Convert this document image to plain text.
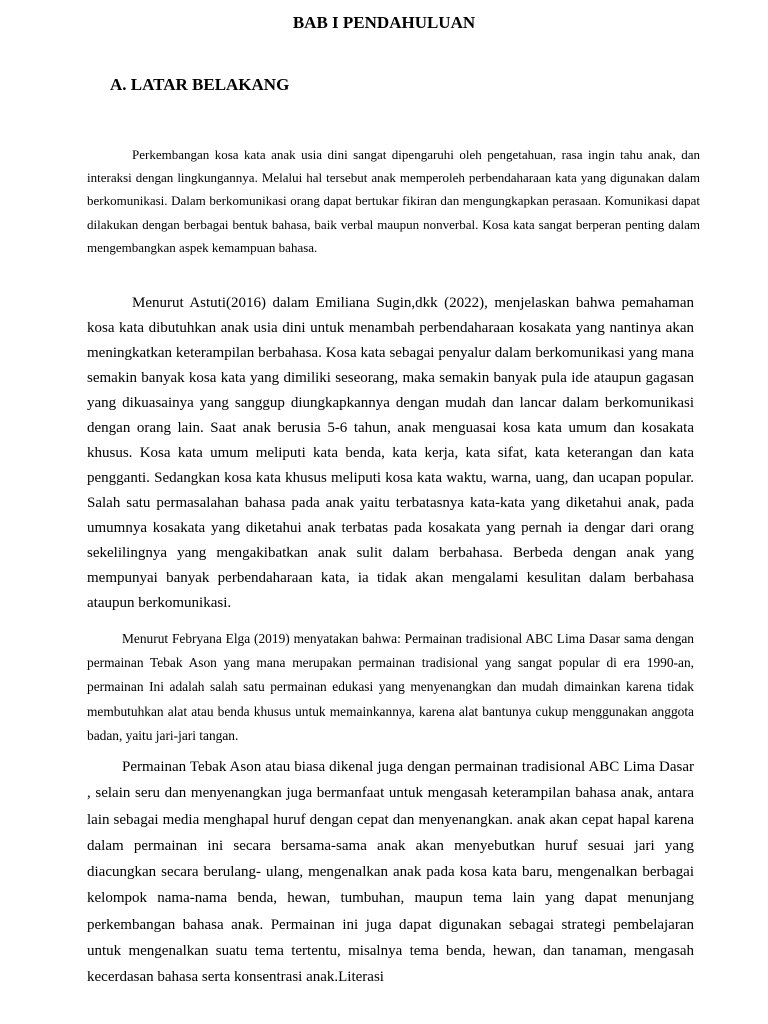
BAB I PENDAHULUAN
A. LATAR BELAKANG

Perkembangan kosa kata anak usia dini sangat dipengaruhi oleh pengetahuan, rasa ingin tahu anak, dan interaksi dengan lingkungannya. Melalui hal tersebut anak memperoleh perbendaharaan kata yang digunakan dalam berkomunikasi. Dalam berkomunikasi orang dapat bertukar fikiran dan mengungkapkan perasaan. Komunikasi dapat dilakukan dengan berbagai bentuk bahasa, baik verbal maupun nonverbal. Kosa kata sangat berperan penting dalam mengembangkan aspek kemampuan bahasa.

Menurut Astuti(2016) dalam Emiliana Sugin,dkk (2022), menjelaskan bahwa pemahaman kosa kata dibutuhkan anak usia dini untuk menambah perbendaharaan kosakata yang nantinya akan meningkatkan keterampilan berbahasa. Kosa kata sebagai penyalur dalam berkomunikasi yang mana semakin banyak kosa kata yang dimiliki seseorang, maka semakin banyak pula ide ataupun gagasan yang dikuasainya yang sanggup diungkapkannya dengan mudah dan lancar dalam berkomunikasi dengan orang lain. Saat anak berusia 5-6 tahun, anak menguasai kosa kata umum dan kosakata khusus. Kosa kata umum meliputi kata benda, kata kerja, kata sifat, kata keterangan dan kata pengganti. Sedangkan kosa kata khusus meliputi kosa kata waktu, warna, uang, dan ucapan popular. Salah satu permasalahan bahasa pada anak yaitu terbatasnya kata-kata yang diketahui anak, pada umumnya kosakata yang diketahui anak terbatas pada kosakata yang pernah ia dengar dari orang sekelilingnya yang mengakibatkan anak sulit dalam berbahasa. Berbeda dengan anak yang mempunyai banyak perbendaharaan kata, ia tidak akan mengalami kesulitan dalam berbahasa ataupun berkomunikasi.

Menurut Febryana Elga (2019) menyatakan bahwa: Permainan tradisional ABC Lima Dasar sama dengan permainan Tebak Ason yang mana merupakan permainan tradisional yang sangat popular di era 1990-an, permainan Ini adalah salah satu permainan edukasi yang menyenangkan dan mudah dimainkan karena tidak membutuhkan alat atau benda khusus untuk memainkannya, karena alat bantunya cukup menggunakan anggota badan, yaitu jari-jari tangan.

Permainan Tebak Ason atau biasa dikenal juga dengan permainan tradisional ABC Lima Dasar , selain seru dan menyenangkan juga bermanfaat untuk mengasah keterampilan bahasa anak, antara lain sebagai media menghapal huruf dengan cepat dan menyenangkan. anak akan cepat hapal karena dalam permainan ini secara bersama-sama anak akan menyebutkan huruf sesuai jari yang diacungkan secara berulang- ulang, mengenalkan anak pada kosa kata baru, mengenalkan berbagai kelompok nama-nama benda, hewan, tumbuhan, maupun tema lain yang dapat menunjang perkembangan bahasa anak. Permainan ini juga dapat digunakan sebagai strategi pembelajaran untuk mengenalkan suatu tema tertentu, misalnya tema benda, hewan, dan tanaman, mengasah kecerdasan bahasa serta konsentrasi anak.Literasi
